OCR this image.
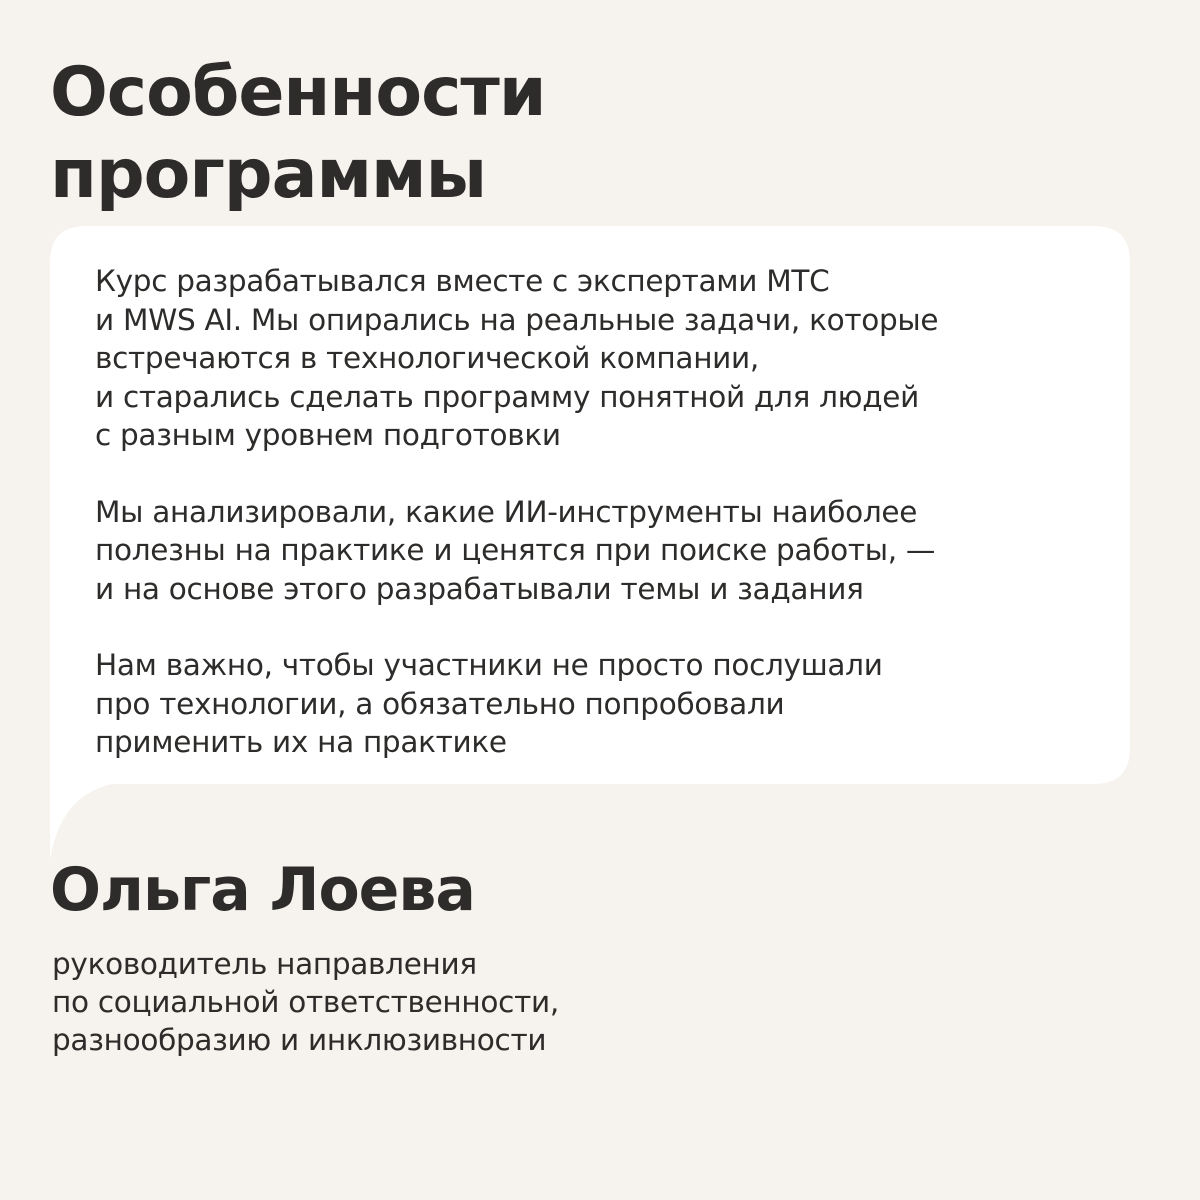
Особенности
программы

Курс разрабатывался вместе с экспертами МТС
и MWS AI. Мы опирались на реальные задачи, которые
встречаются в технологической компании,
и старались сделать программу понятной для людей
с разным уровнем подготовки

Мы анализировали, какие ИИ-инструменты наиболее
полезны на практике и ценятся при поиске работы, —
и на основе этого разрабатывали темы и задания

Нам важно, чтобы участники не просто послушали
про технологии, а обязательно попробовали
применить их на практике

Ольга Лоева
руководитель направления
по социальной ответственности,
разнообразию и инклюзивности
